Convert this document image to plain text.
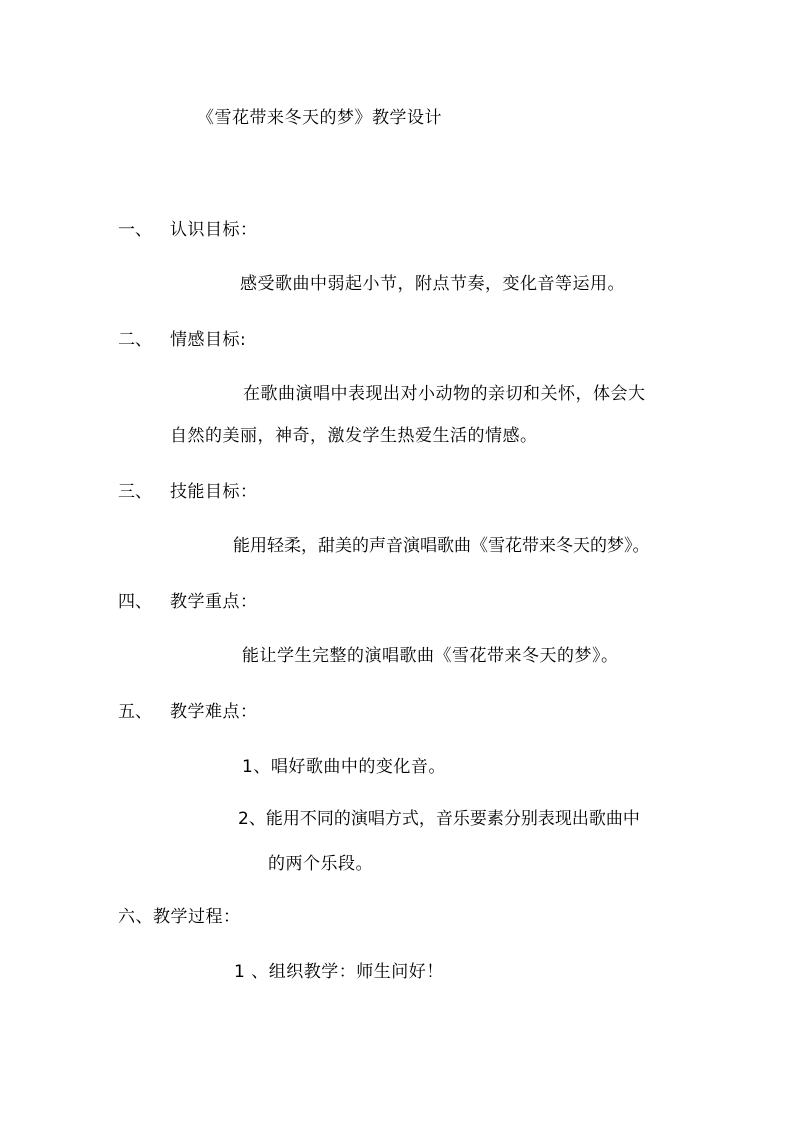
《雪花带来冬天的梦》教学设计
一、 认识目标：
感受歌曲中弱起小节，附点节奏，变化音等运用。
二、 情感目标:
在歌曲演唱中表现出对小动物的亲切和关怀，体会大
自然的美丽，神奇，激发学生热爱生活的情感。
三、 技能目标：
能用轻柔，甜美的声音演唱歌曲《雪花带来冬天的梦》。
四、 教学重点：
能让学生完整的演唱歌曲《雪花带来冬天的梦》。
五、 教学难点：
1、唱好歌曲中的变化音。
2、能用不同的演唱方式，音乐要素分别表现出歌曲中
的两个乐段。
六、教学过程：
1 、组织教学：师生问好！
